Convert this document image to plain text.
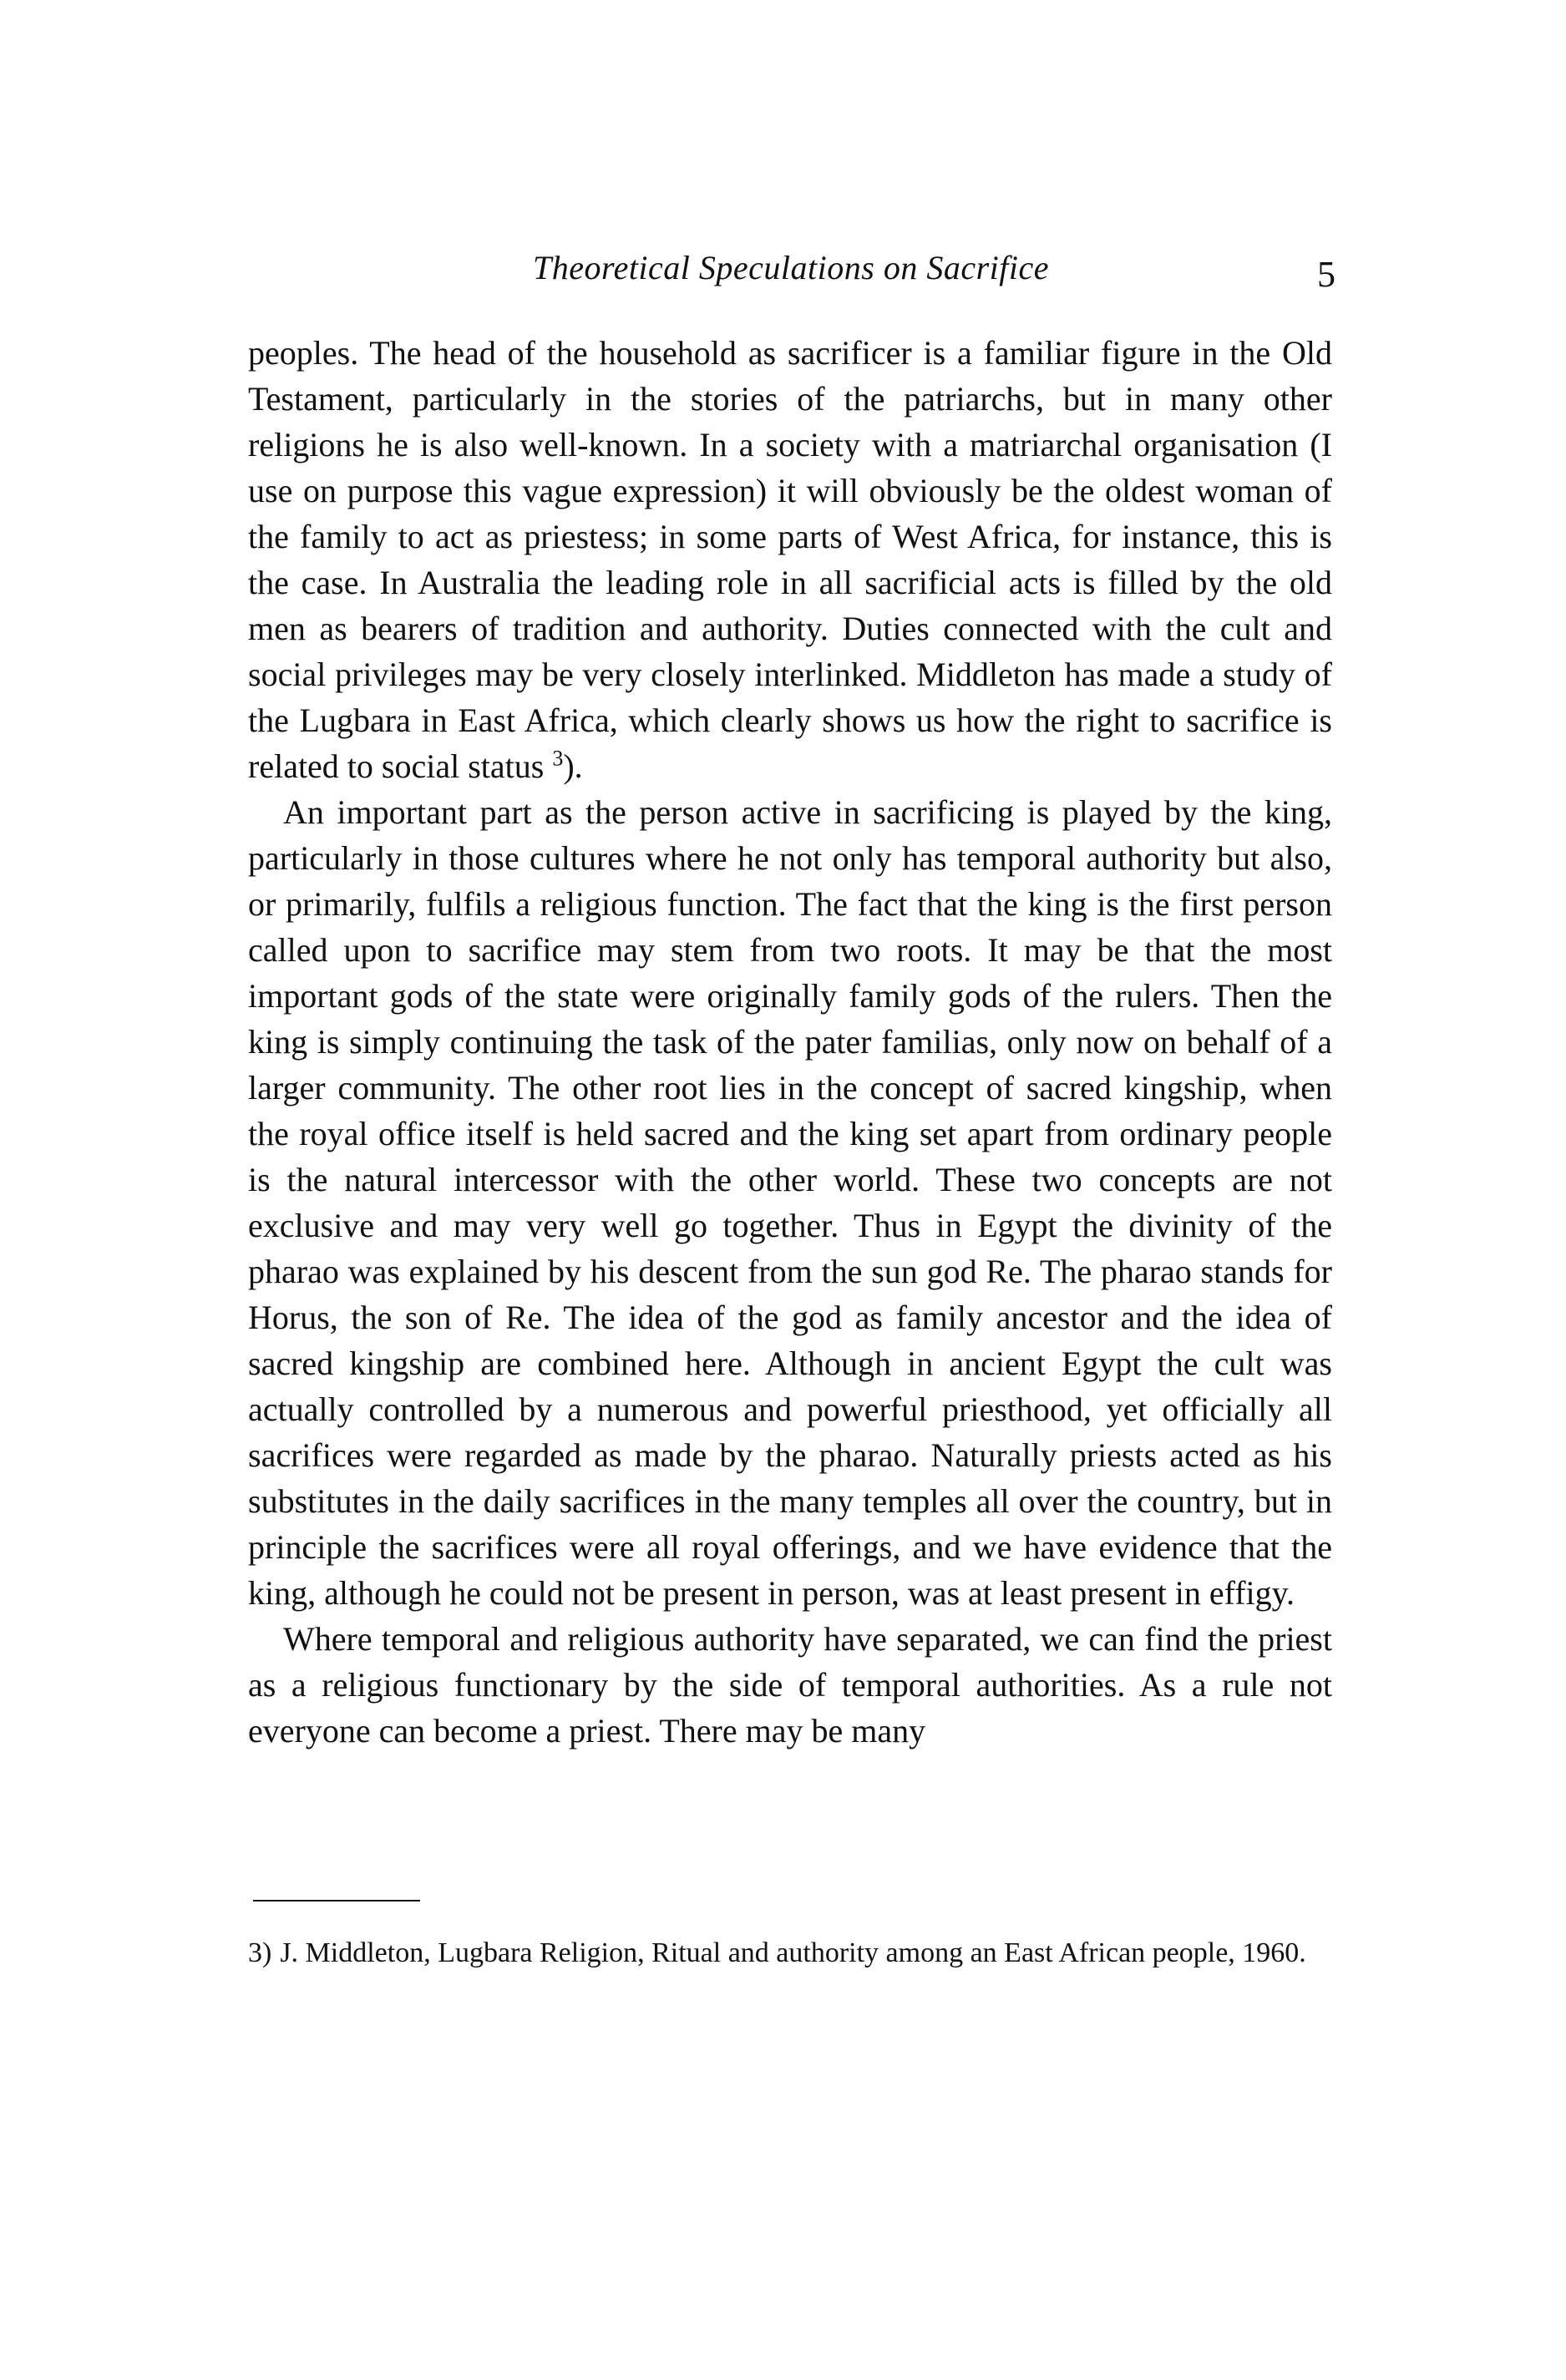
Theoretical Speculations on Sacrifice	5

peoples. The head of the household as sacrificer is a familiar figure in the Old Testament, particularly in the stories of the patriarchs, but in many other religions he is also well-known. In a society with a matriarchal organisation (I use on purpose this vague expression) it will obviously be the oldest woman of the family to act as priestess; in some parts of West Africa, for instance, this is the case. In Australia the leading role in all sacrificial acts is filled by the old men as bearers of tradition and authority. Duties connected with the cult and social privileges may be very closely interlinked. Middleton has made a study of the Lugbara in East Africa, which clearly shows us how the right to sacrifice is related to social status $^3$).

An important part as the person active in sacrificing is played by the king, particularly in those cultures where he not only has temporal authority but also, or primarily, fulfils a religious function. The fact that the king is the first person called upon to sacrifice may stem from two roots. It may be that the most important gods of the state were originally family gods of the rulers. Then the king is simply continuing the task of the pater familias, only now on behalf of a larger community. The other root lies in the concept of sacred kingship, when the royal office itself is held sacred and the king set apart from ordinary people is the natural intercessor with the other world. These two concepts are not exclusive and may very well go together. Thus in Egypt the divinity of the pharao was explained by his descent from the sun god Re. The pharao stands for Horus, the son of Re. The idea of the god as family ancestor and the idea of sacred kingship are combined here. Although in ancient Egypt the cult was actually controlled by a numerous and powerful priesthood, yet officially all sacrifices were regarded as made by the pharao. Naturally priests acted as his substitutes in the daily sacrifices in the many temples all over the country, but in principle the sacrifices were all royal offerings, and we have evidence that the king, although he could not be present in person, was at least present in effigy.

Where temporal and religious authority have separated, we can find the priest as a religious functionary by the side of temporal authorities. As a rule not everyone can become a priest. There may be many

3) J. Middleton, Lugbara Religion, Ritual and authority among an East African people, 1960.
